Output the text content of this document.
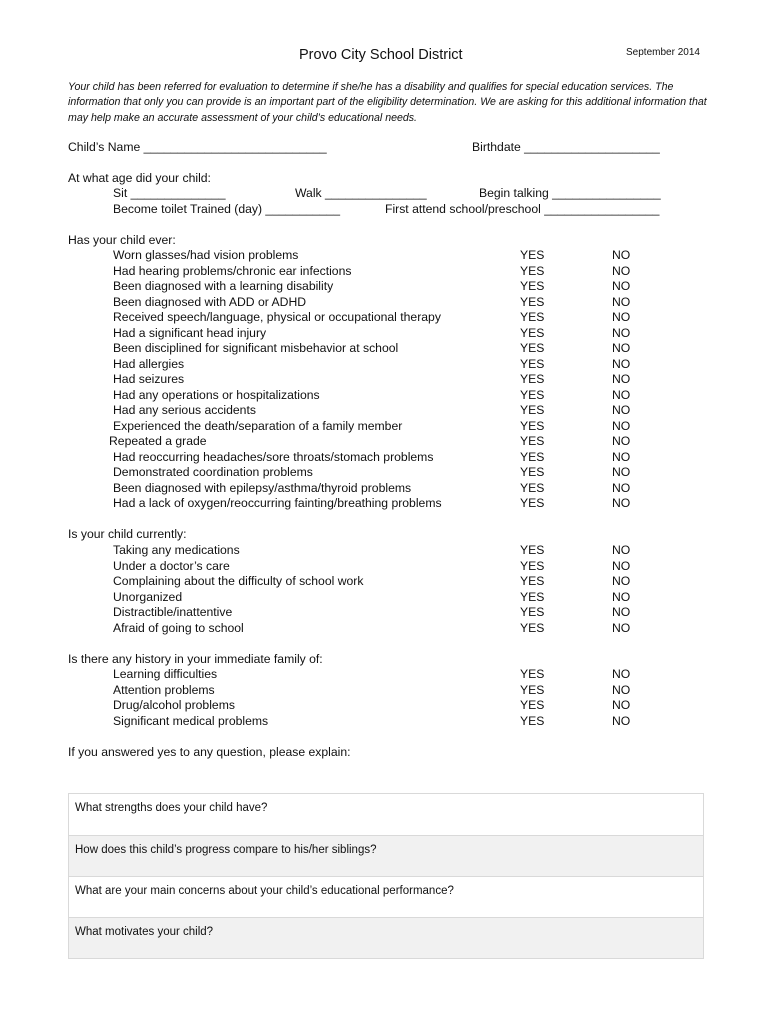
Provo City School District	September 2014
Your child has been referred for evaluation to determine if she/he has a disability and qualifies for special education services. The information that only you can provide is an important part of the eligibility determination. We are asking for this additional information that may help make an accurate assessment of your child’s educational needs.
Child’s Name ___________________________	Birthdate ____________________
At what age did your child:
Sit ______________	Walk _______________	Begin talking ________________
Become toilet Trained (day) ___________	First attend school/preschool _________________
Has your child ever:
Worn glasses/had vision problems	YES	NO
Had hearing problems/chronic ear infections	YES	NO
Been diagnosed with a learning disability	YES	NO
Been diagnosed with ADD or ADHD	YES	NO
Received speech/language, physical or occupational therapy	YES	NO
Had a significant head injury	YES	NO
Been disciplined for significant misbehavior at school	YES	NO
Had allergies	YES	NO
Had seizures	YES	NO
Had any operations or hospitalizations	YES	NO
Had any serious accidents	YES	NO
Experienced the death/separation of a family member	YES	NO
Repeated a grade	YES	NO
Had reoccurring headaches/sore throats/stomach problems	YES	NO
Demonstrated coordination problems	YES	NO
Been diagnosed with epilepsy/asthma/thyroid problems	YES	NO
Had a lack of oxygen/reoccurring fainting/breathing problems	YES	NO
Is your child currently:
Taking any medications	YES	NO
Under a doctor’s care	YES	NO
Complaining about the difficulty of school work	YES	NO
Unorganized	YES	NO
Distractible/inattentive	YES	NO
Afraid of going to school	YES	NO
Is there any history in your immediate family of:
Learning difficulties	YES	NO
Attention problems	YES	NO
Drug/alcohol problems	YES	NO
Significant medical problems	YES	NO
If you answered yes to any question, please explain:
What strengths does your child have?
How does this child’s progress compare to his/her siblings?
What are your main concerns about your child’s educational performance?
What motivates your child?
